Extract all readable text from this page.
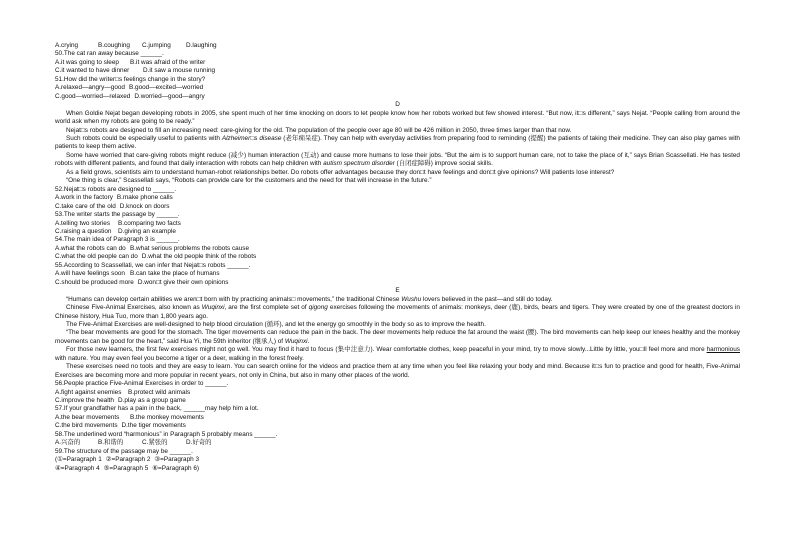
A.crying	B.coughing C.jumping D.laughing
50.The cat ran away because ______.
A.it was going to sleep B.it was afraid of the writer
C.it wanted to have dinner D.it saw a mouse running
51.How did the writer□s feelings change in the story?
A.relaxed—angry—good B.good—excited—worried
C.good—worried—relaxed D.worried—good—angry
D
When Goldie Nejat began developing robots in 2005, she spent much of her time knocking on doors to let people know how her robots worked but few showed interest. “But now, it□s different,” says Nejat. “People calling from around the world ask when my robots are going to be ready.”
Nejat□s robots are designed to fill an increasing need: care-giving for the old. The population of the people over age 80 will be 426 million in 2050, three times larger than that now.
Such robots could be especially useful to patients with Alzheimer□s disease (老年痴呆症). They can help with everyday activities from preparing food to reminding (提醒) the patients of taking their medicine. They can also play games with patients to keep them active.
Some have worried that care-giving robots might reduce (减少) human interaction (互动) and cause more humans to lose their jobs. “But the aim is to support human care, not to take the place of it,” says Brian Scassellati. He has tested robots with different patients, and found that daily interaction with robots can help children with autism spectrum disorder (自闭症障碍) improve social skills.
As a field grows, scientists aim to understand human-robot relationships better. Do robots offer advantages because they don□t have feelings and don□t give opinions? Will patients lose interest?
“One thing is clear,” Scassellati says, “Robots can provide care for the customers and the need for that will increase in the future.”
52.Nejat□s robots are designed to ______.
A.work in the factory B.make phone calls
C.take care of the old D.knock on doors
53.The writer starts the passage by ______.
A.telling two stories B.comparing two facts
C.raising a question D.giving an example
54.The main idea of Paragraph 3 is ______.
A.what the robots can do B.what serious problems the robots cause
C.what the old people can do D.what the old people think of the robots
55.According to Scassellati, we can infer that Nejat□s robots ______.
A.will have feelings soon B.can take the place of humans
C.should be produced more D.won□t give their own opinions
E
“Humans can develop certain abilities we aren□t born with by practicing animals□ movements,” the traditional Chinese Wushu lovers believed in the past—and still do today.
Chinese Five-Animal Exercises, also known as Wuqinxi, are the first complete set of qigong exercises following the movements of animals: monkeys, deer (鹿), birds, bears and tigers. They were created by one of the greatest doctors in Chinese history, Hua Tuo, more than 1,800 years ago.
The Five-Animal Exercises are well-designed to help blood circulation (循环), and let the energy go smoothly in the body so as to improve the health.
“The bear movements are good for the stomach. The tiger movements can reduce the pain in the back. The deer movements help reduce the fat around the waist (腰). The bird movements can help keep our knees healthy and the monkey movements can be good for the heart,” said Hua Yi, the 59th inheritor (继承人) of Wuqinxi.
For those new learners, the first few exercises might not go well. You may find it hard to focus (集中注意力). Wear comfortable clothes, keep peaceful in your mind, try to move slowly...Little by little, you□ll feel more and more harmonious with nature. You may even feel you become a tiger or a deer, walking in the forest freely.
These exercises need no tools and they are easy to learn. You can search online for the videos and practice them at any time when you feel like relaxing your body and mind. Because it□s fun to practice and good for health, Five-Animal Exercises are becoming more and more popular in recent years, not only in China, but also in many other places of the world.
56.People practice Five-Animal Exercises in order to ______.
A.fight against enemies B.protect wild animals
C.improve the health D.play as a group game
57.If your grandfather has a pain in the back, ______may help him a lot.
A.the bear movements B.the monkey movements
C.the bird movements D.the tiger movements
58.The underlined word “harmonious” in Paragraph 5 probably means ______.
A.兴奋的	B.和谐的	C.紧张的	D.好奇的
59.The structure of the passage may be ______.
(①=Paragraph 1 ②=Paragraph 2 ③=Paragraph 3
④=Paragraph 4 ⑤=Paragraph 5 ⑥=Paragraph 6)
